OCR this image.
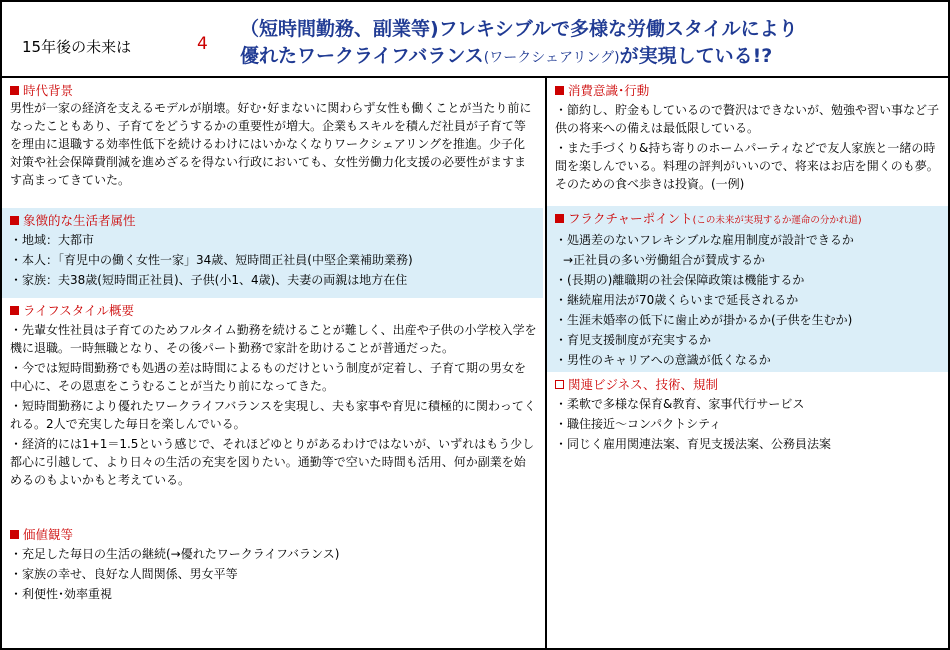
15年後の未来は	4
（短時間勤務、副業等)フレキシブルで多様な労働スタイルにより
優れたワークライフバランス(ワークシェアリング)が実現している!?
時代背景
男性が一家の経済を支えるモデルが崩壊。好む･好まないに関わらず女性も働くことが当たり前になったこともあり、子育てをどうするかの重要性が増大。企業もスキルを積んだ社員が子育て等を理由に退職する効率性低下を続けるわけにはいかなくなりワークシェアリングを推進。少子化対策や社会保障費削減を進めざるを得ない行政においても、女性労働力化支援の必要性がますます高まってきていた。
象徴的な生活者属性
・地域：大都市
・本人：「育児中の働く女性一家」34歳、短時間正社員(中堅企業補助業務)
・家族：夫38歳(短時間正社員)、子供(小1、4歳)、夫妻の両親は地方在住
ライフスタイル概要
・先輩女性社員は子育てのためフルタイム勤務を続けることが難しく、出産や子供の小学校入学を機に退職。一時無職となり、その後パート勤務で家計を助けることが普通だった。
・今では短時間勤務でも処遇の差は時間によるものだけという制度が定着し、子育て期の男女を中心に、その恩恵をこうむることが当たり前になってきた。
・短時間勤務により優れたワークライフバランスを実現し、夫も家事や育児に積極的に関わってくれる。2人で充実した毎日を楽しんでいる。
・経済的には1+1＝1.5という感じで、それほどゆとりがあるわけではないが、いずれはもう少し都心に引越して、より日々の生活の充実を図りたい。通勤等で空いた時間も活用、何か副業を始めるのもよいかもと考えている。
価値観等
・充足した毎日の生活の継続(→優れたワークライフバランス)
・家族の幸せ、良好な人間関係、男女平等
・利便性･効率重視
消費意識･行動
・節約し、貯金もしているので贅沢はできないが、勉強や習い事など子供の将来への備えは最低限している。
・また手づくり&持ち寄りのホームパーティなどで友人家族と一緒の時間を楽しんでいる。料理の評判がいいので、将来はお店を開くのも夢。そのための食べ歩きは投資。(一例)
フラクチャーポイント(この未来が実現するか運命の分かれ道)
・処遇差のないフレキシブルな雇用制度が設計できるか
→正社員の多い労働組合が賛成するか
・(長期の)離職期の社会保障政策は機能するか
・継続雇用法が70歳くらいまで延長されるか
・生涯未婚率の低下に歯止めが掛かるか(子供を生むか)
・育児支援制度が充実するか
・男性のキャリアへの意識が低くなるか
関連ビジネス、技術、規制
・柔軟で多様な保育&教育、家事代行サービス
・職住接近～コンパクトシティ
・同じく雇用関連法案、育児支援法案、公務員法案
